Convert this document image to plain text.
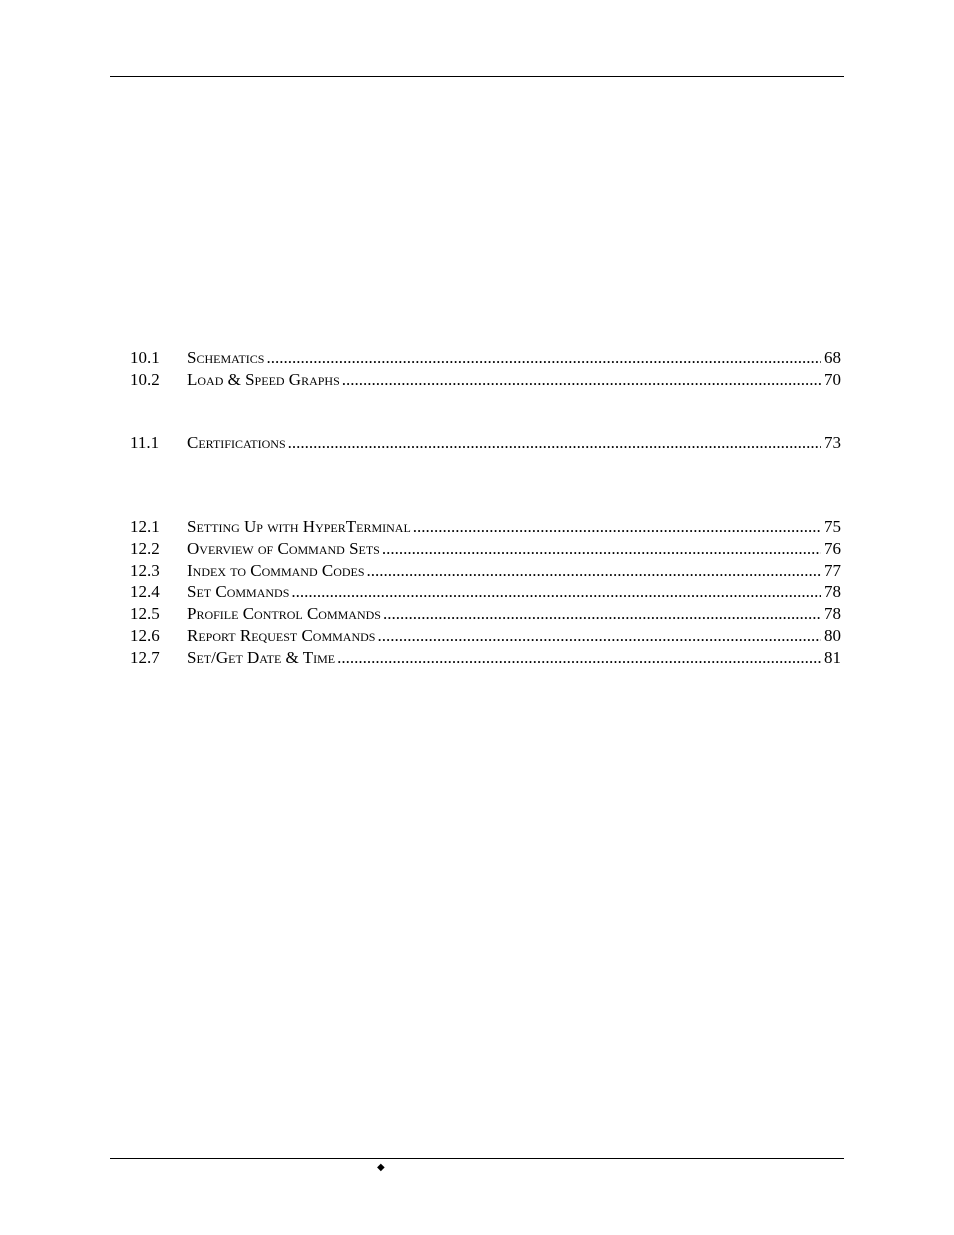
10.1	Schematics .....	68
10.2	Load & Speed Graphs .....	70
11.1	Certifications .....	73
12.1	Setting Up with HyperTerminal .....	75
12.2	Overview of Command Sets .....	76
12.3	Index to Command Codes .....	77
12.4	Set Commands .....	78
12.5	Profile Control Commands .....	78
12.6	Report Request Commands .....	80
12.7	Set/Get Date & Time .....	81
◆
